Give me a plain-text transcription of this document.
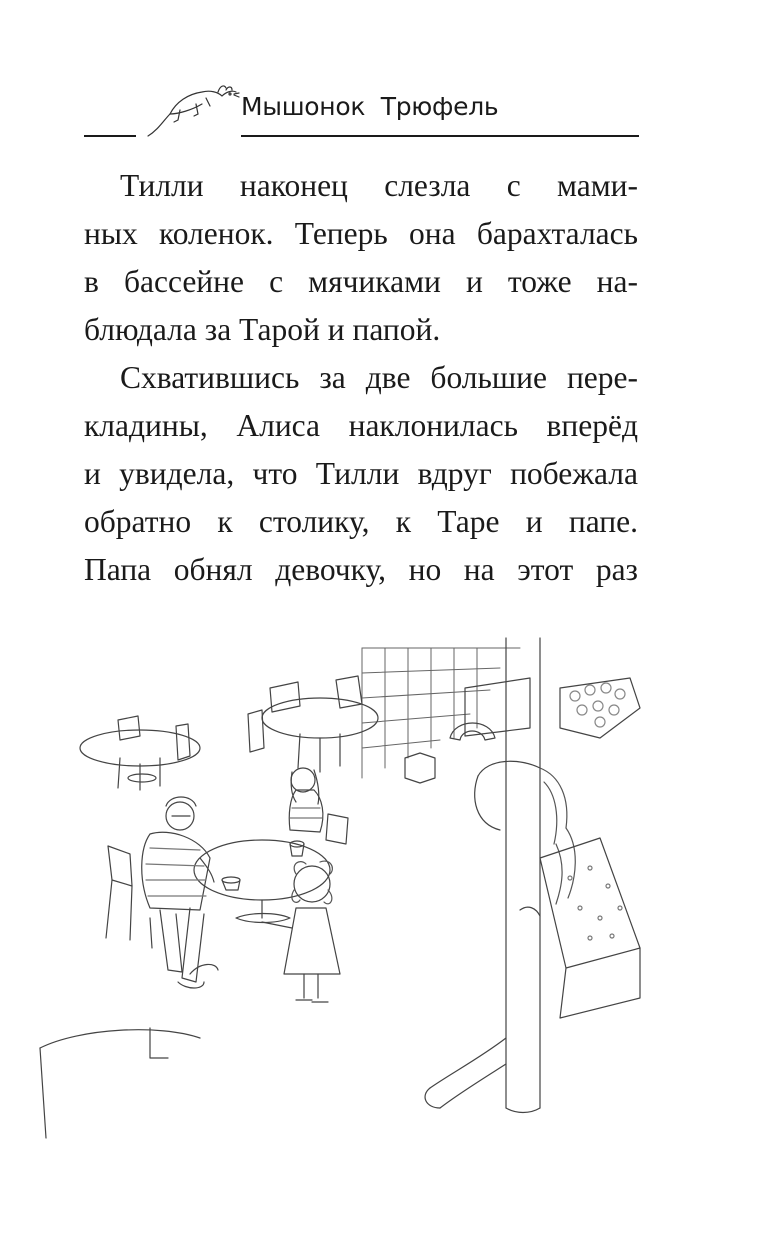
Мышонок Трюфель
Тилли наконец слезла с мами-
ных коленок. Теперь она барахталась
в бассейне с мячиками и тоже на-
блюдала за Тарой и папой.
Схватившись за две большие пере-
кладины, Алиса наклонилась вперёд
и увидела, что Тилли вдруг побежала
обратно к столику, к Таре и папе.
Папа обнял девочку, но на этот раз
